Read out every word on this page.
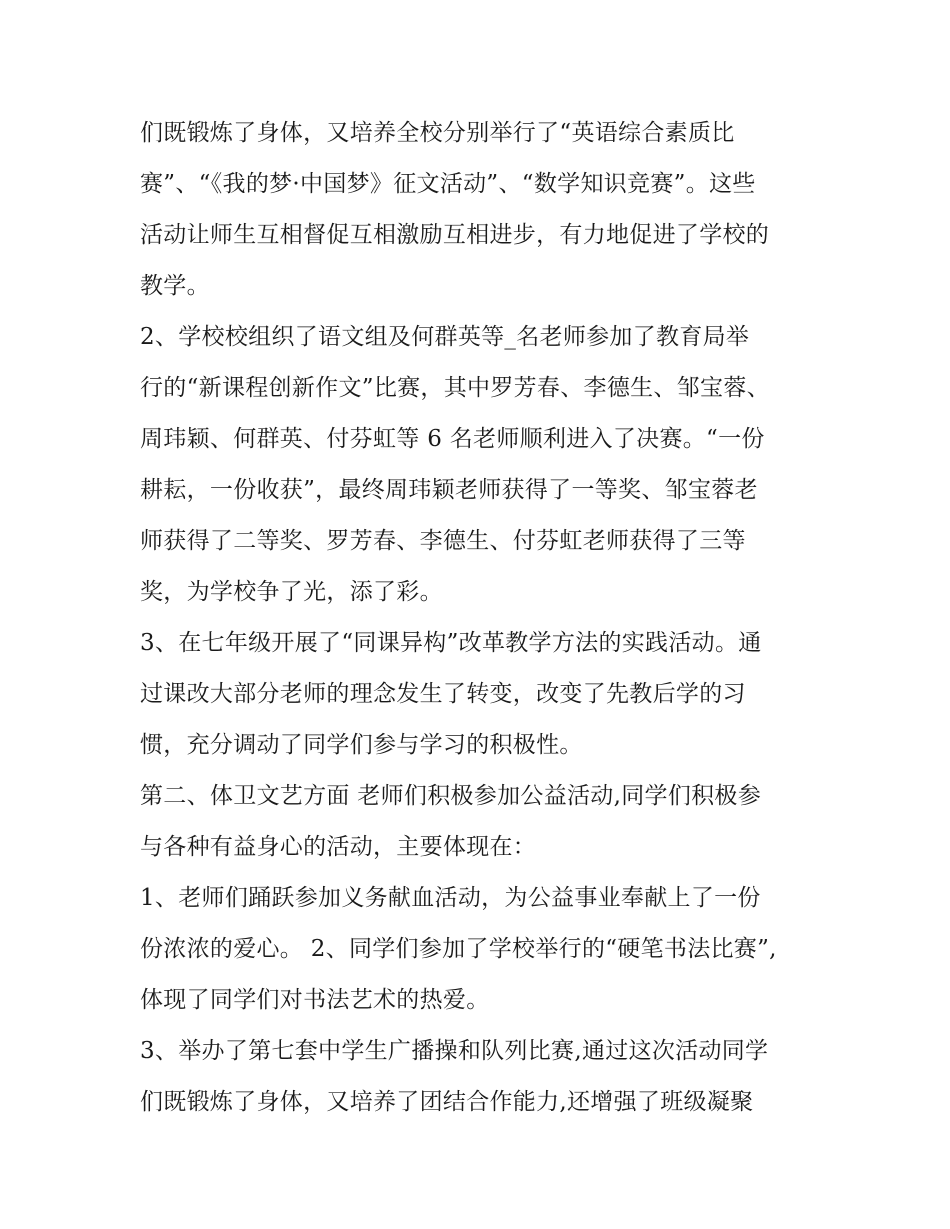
们既锻炼了身体，又培养全校分别举行了“英语综合素质比
赛”、“《我的梦·中国梦》征文活动”、“数学知识竞赛”。这些
活动让师生互相督促互相激励互相进步，有力地促进了学校的
教学。
2、学校校组织了语文组及何群英等_名老师参加了教育局举
行的“新课程创新作文”比赛，其中罗芳春、李德生、邹宝蓉、
周玮颖、何群英、付芬虹等 6 名老师顺利进入了决赛。“一份
耕耘，一份收获”，最终周玮颖老师获得了一等奖、邹宝蓉老
师获得了二等奖、罗芳春、李德生、付芬虹老师获得了三等
奖，为学校争了光，添了彩。
3、在七年级开展了“同课异构”改革教学方法的实践活动。通
过课改大部分老师的理念发生了转变，改变了先教后学的习
惯，充分调动了同学们参与学习的积极性。
第二、体卫文艺方面 老师们积极参加公益活动,同学们积极参
与各种有益身心的活动，主要体现在：
1、老师们踊跃参加义务献血活动，为公益事业奉献上了一份
份浓浓的爱心。 2、同学们参加了学校举行的“硬笔书法比赛”,
体现了同学们对书法艺术的热爱。
3、举办了第七套中学生广播操和队列比赛,通过这次活动同学
们既锻炼了身体，又培养了团结合作能力,还增强了班级凝聚
